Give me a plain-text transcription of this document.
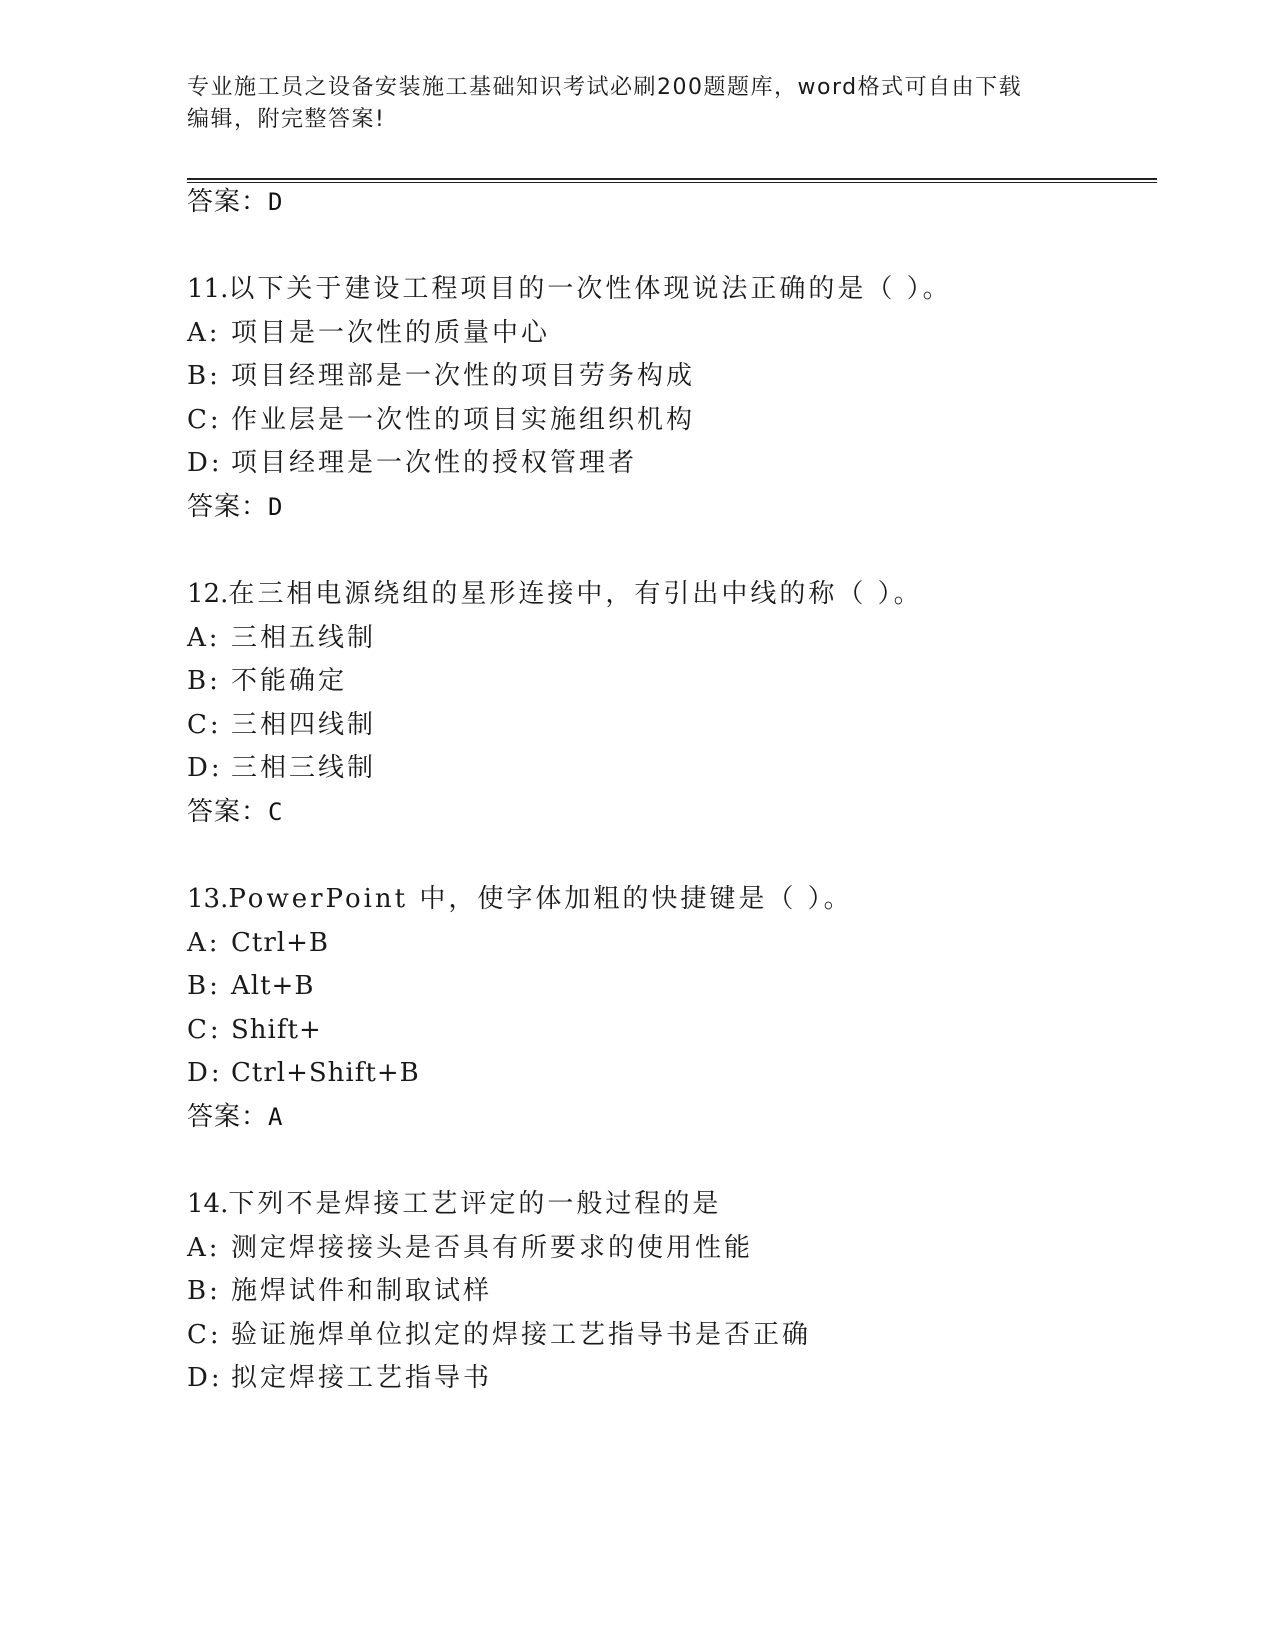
专业施工员之设备安装施工基础知识考试必刷200题题库，word格式可自由下载
编辑，附完整答案!
答案：D
11.以下关于建设工程项目的一次性体现说法正确的是（ ）。
A: 项目是一次性的质量中心
B: 项目经理部是一次性的项目劳务构成
C: 作业层是一次性的项目实施组织机构
D: 项目经理是一次性的授权管理者
答案：D
12.在三相电源绕组的星形连接中，有引出中线的称（ ）。
A: 三相五线制
B: 不能确定
C: 三相四线制
D: 三相三线制
答案：C
13.PowerPoint 中，使字体加粗的快捷键是（ ）。
A: Ctrl+B
B: Alt+B
C: Shift+
D: Ctrl+Shift+B
答案：A
14.下列不是焊接工艺评定的一般过程的是
A: 测定焊接接头是否具有所要求的使用性能
B: 施焊试件和制取试样
C: 验证施焊单位拟定的焊接工艺指导书是否正确
D: 拟定焊接工艺指导书
